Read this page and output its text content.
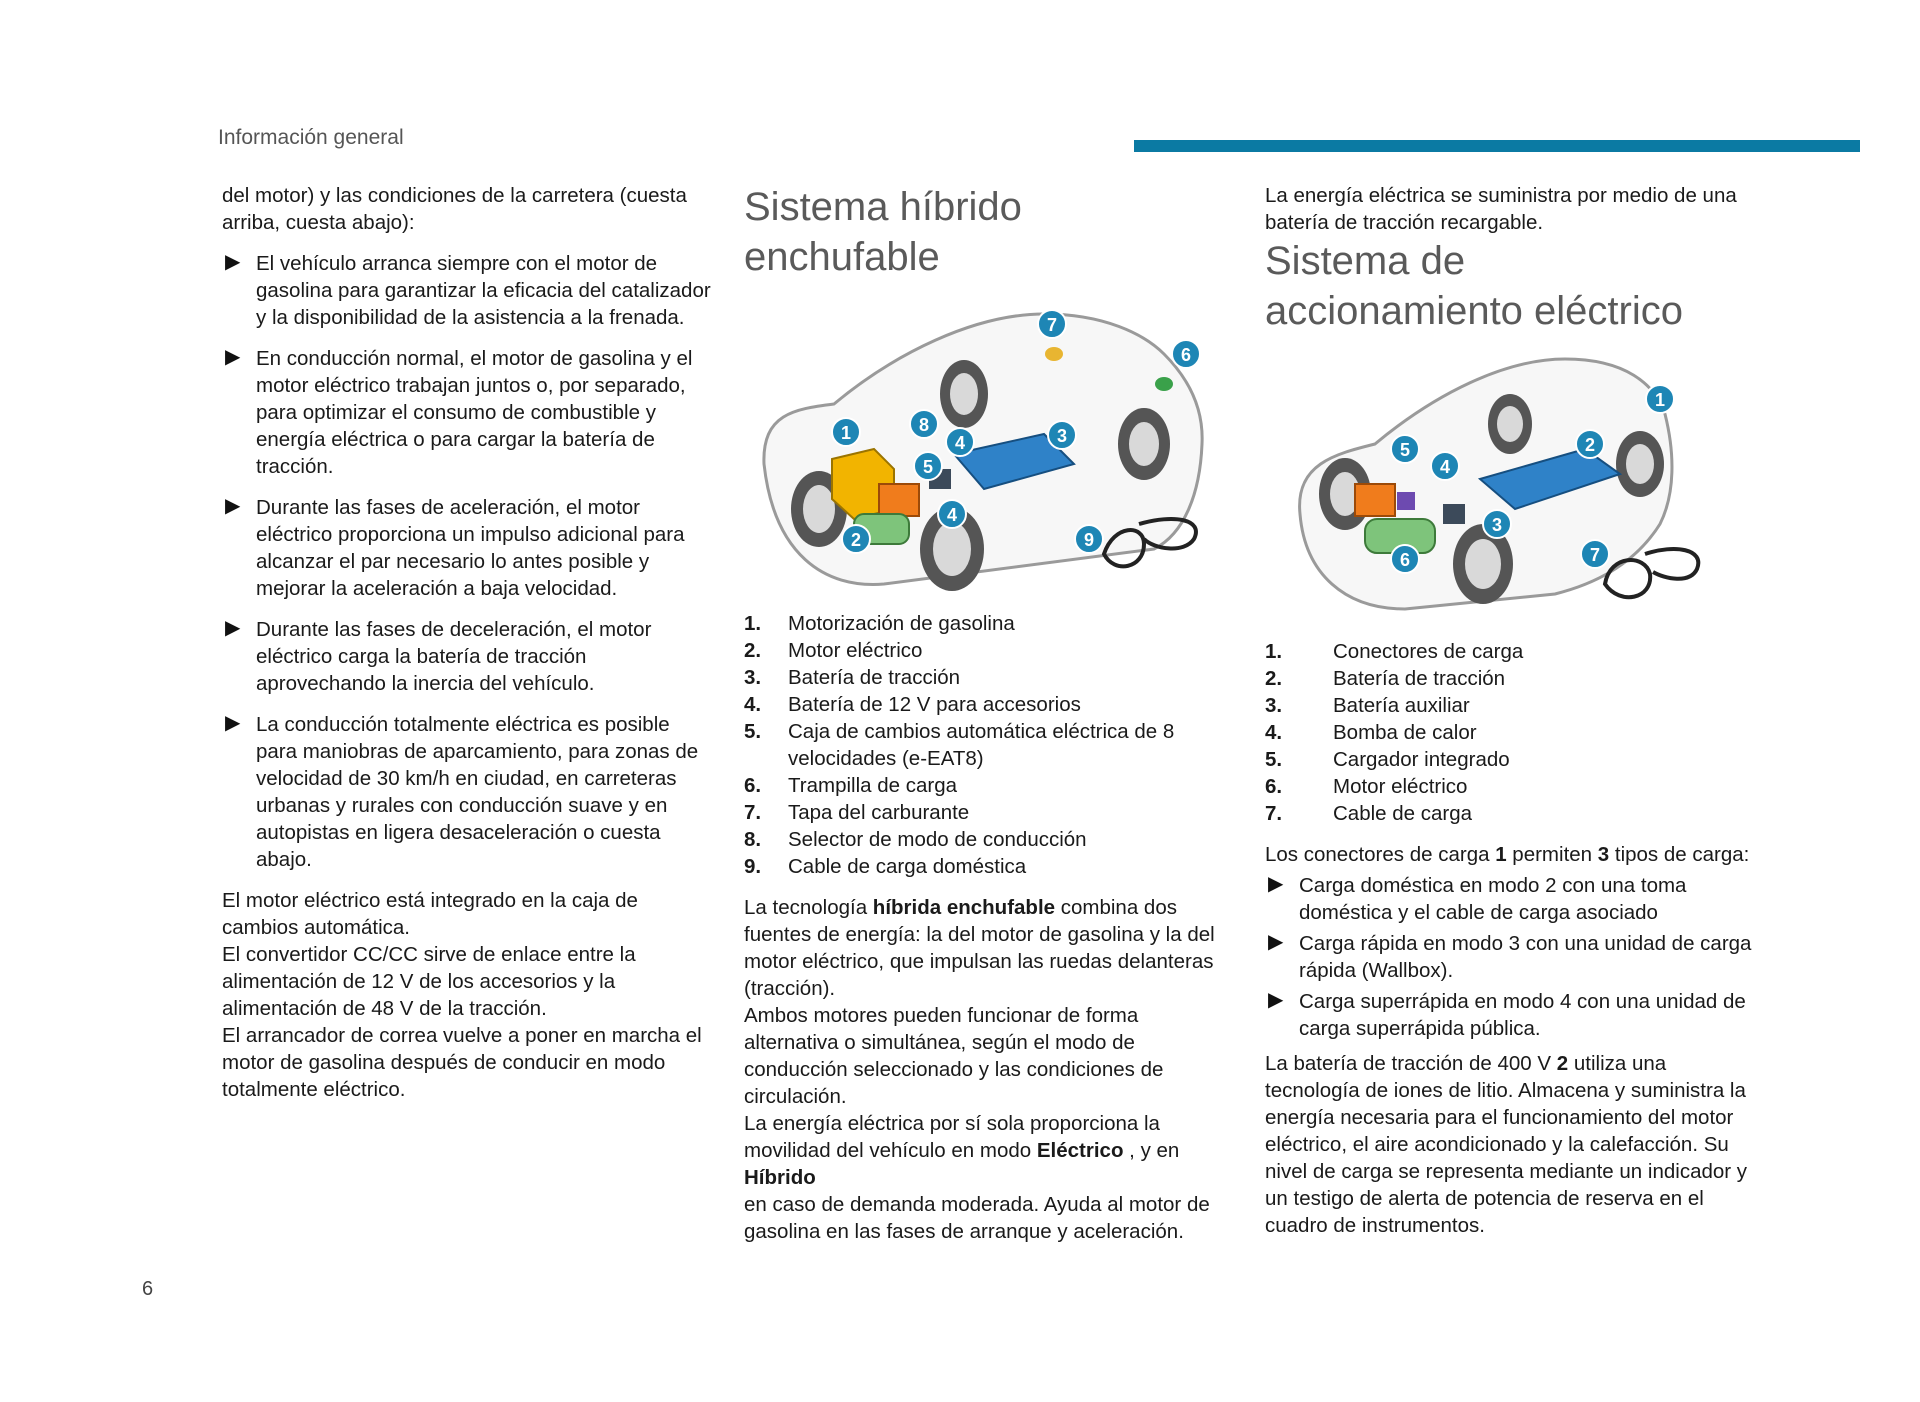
Información general
6

del motor) y las condiciones de la carretera (cuesta arriba, cuesta abajo):

▶ El vehículo arranca siempre con el motor de gasolina para garantizar la eficacia del catalizador y la disponibilidad de la asistencia a la frenada.
▶ En conducción normal, el motor de gasolina y el motor eléctrico trabajan juntos o, por separado, para optimizar el consumo de combustible y energía eléctrica o para cargar la batería de tracción.
▶ Durante las fases de aceleración, el motor eléctrico proporciona un impulso adicional para alcanzar el par necesario lo antes posible y mejorar la aceleración a baja velocidad.
▶ Durante las fases de deceleración, el motor eléctrico carga la batería de tracción aprovechando la inercia del vehículo.
▶ La conducción totalmente eléctrica es posible para maniobras de aparcamiento, para zonas de velocidad de 30 km/h en ciudad, en carreteras urbanas y rurales con conducción suave y en autopistas en ligera desaceleración o cuesta abajo.

El motor eléctrico está integrado en la caja de cambios automática.

El convertidor CC/CC sirve de enlace entre la alimentación de 12 V de los accesorios y la alimentación de 48 V de la tracción.

El arrancador de correa vuelve a poner en marcha el motor de gasolina después de conducir en modo totalmente eléctrico.

Sistema híbrido
enchufable
1
2
3
4
4
5
6
7
8
9
1. Motorización de gasolina
2. Motor eléctrico
3. Batería de tracción
4. Batería de 12 V para accesorios
5. Caja de cambios automática eléctrica de 8 velocidades (e-EAT8)
6. Trampilla de carga
7. Tapa del carburante
8. Selector de modo de conducción
9. Cable de carga doméstica

La tecnología híbrida enchufable combina dos fuentes de energía: la del motor de gasolina y la del motor eléctrico, que impulsan las ruedas delanteras (tracción).

Ambos motores pueden funcionar de forma alternativa o simultánea, según el modo de conducción seleccionado y las condiciones de circulación.

La energía eléctrica por sí sola proporciona la movilidad del vehículo en modo Eléctrico , y en
Híbrido

en caso de demanda moderada. Ayuda al motor de gasolina en las fases de arranque y aceleración.

La energía eléctrica se suministra por medio de una batería de tracción recargable.

Sistema de
accionamiento eléctrico
1
2
3
4
5
6	7
1. Conectores de carga
2. Batería de tracción
3. Batería auxiliar
4. Bomba de calor
5. Cargador integrado
6. Motor eléctrico
7. Cable de carga

Los conectores de carga 1 permiten 3 tipos de carga:

▶ Carga doméstica en modo 2 con una toma doméstica y el cable de carga asociado
▶ Carga rápida en modo 3 con una unidad de carga rápida (Wallbox).
▶ Carga superrápida en modo 4 con una unidad de carga superrápida pública.

La batería de tracción de 400 V 2 utiliza una tecnología de iones de litio. Almacena y suministra la energía necesaria para el funcionamiento del motor eléctrico, el aire acondicionado y la calefacción. Su nivel de carga se representa mediante un indicador y un testigo de alerta de potencia de reserva en el cuadro de instrumentos.
